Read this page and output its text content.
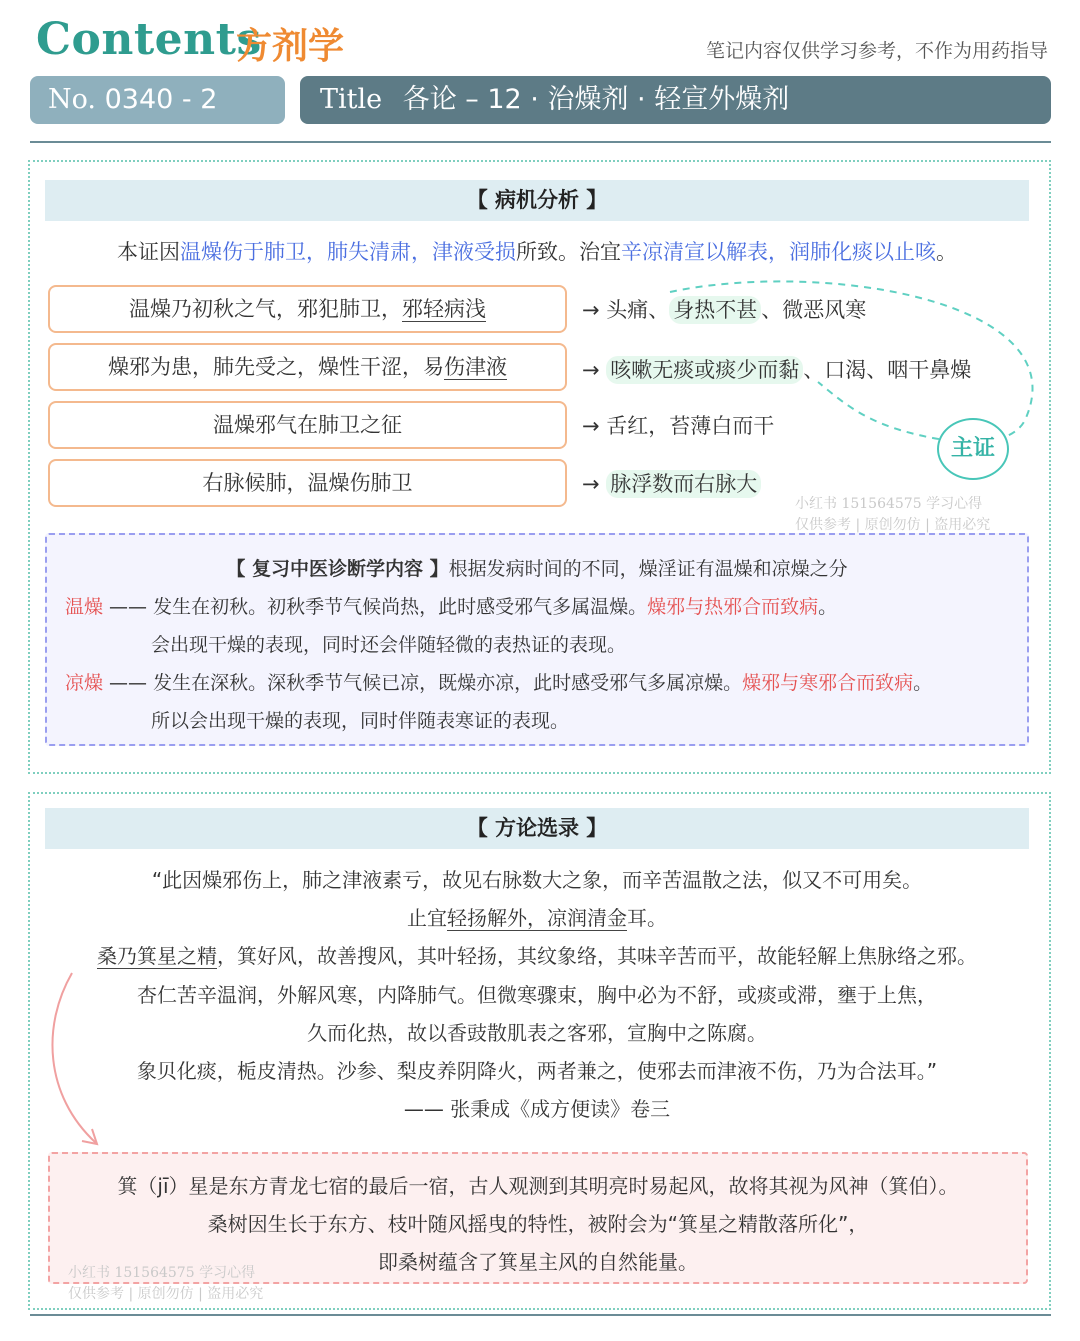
Contents
方剂学	笔记内容仅供学习参考，不作为用药指导
No. 0340 - 2	Title 各论 – 12 · 治燥剂 · 轻宣外燥剂
【 病机分析 】
本证因温燥伤于肺卫，肺失清肃，津液受损所致。治宜辛凉清宣以解表，润肺化痰以止咳。
温燥乃初秋之气，邪犯肺卫，邪轻病浅	→ 头痛、 身热不甚 、微恶风寒
燥邪为患，肺先受之，燥性干涩，易伤津液	→ 咳嗽无痰或痰少而黏 、口渴、咽干鼻燥
温燥邪气在肺卫之征	→ 舌红，苔薄白而干
右脉候肺，温燥伤肺卫	→ 脉浮数而右脉大
主证
小红书 151564575 学习心得
仅供参考 | 原创勿仿 | 盗用必究
【 复习中医诊断学内容 】根据发病时间的不同，燥淫证有温燥和凉燥之分
温燥 —— 发生在初秋。初秋季节气候尚热，此时感受邪气多属温燥。燥邪与热邪合而致病。
会出现干燥的表现，同时还会伴随轻微的表热证的表现。
凉燥 —— 发生在深秋。深秋季节气候已凉，既燥亦凉，此时感受邪气多属凉燥。燥邪与寒邪合而致病。
所以会出现干燥的表现，同时伴随表寒证的表现。
【 方论选录 】
“此因燥邪伤上，肺之津液素亏，故见右脉数大之象，而辛苦温散之法，似又不可用矣。
止宜轻扬解外，凉润清金耳。
桑乃箕星之精，箕好风，故善搜风，其叶轻扬，其纹象络，其味辛苦而平，故能轻解上焦脉络之邪。
杏仁苦辛温润，外解风寒，内降肺气。但微寒骤束，胸中必为不舒，或痰或滞，壅于上焦，
久而化热，故以香豉散肌表之客邪，宣胸中之陈腐。
象贝化痰，栀皮清热。沙参、梨皮养阴降火，两者兼之，使邪去而津液不伤，乃为合法耳。”
—— 张秉成《成方便读》卷三
箕（jī）星是东方青龙七宿的最后一宿，古人观测到其明亮时易起风，故将其视为风神（箕伯）。
桑树因生长于东方、枝叶随风摇曳的特性，被附会为“箕星之精散落所化”，
即桑树蕴含了箕星主风的自然能量。
小红书 151564575 学习心得
仅供参考 | 原创勿仿 | 盗用必究
